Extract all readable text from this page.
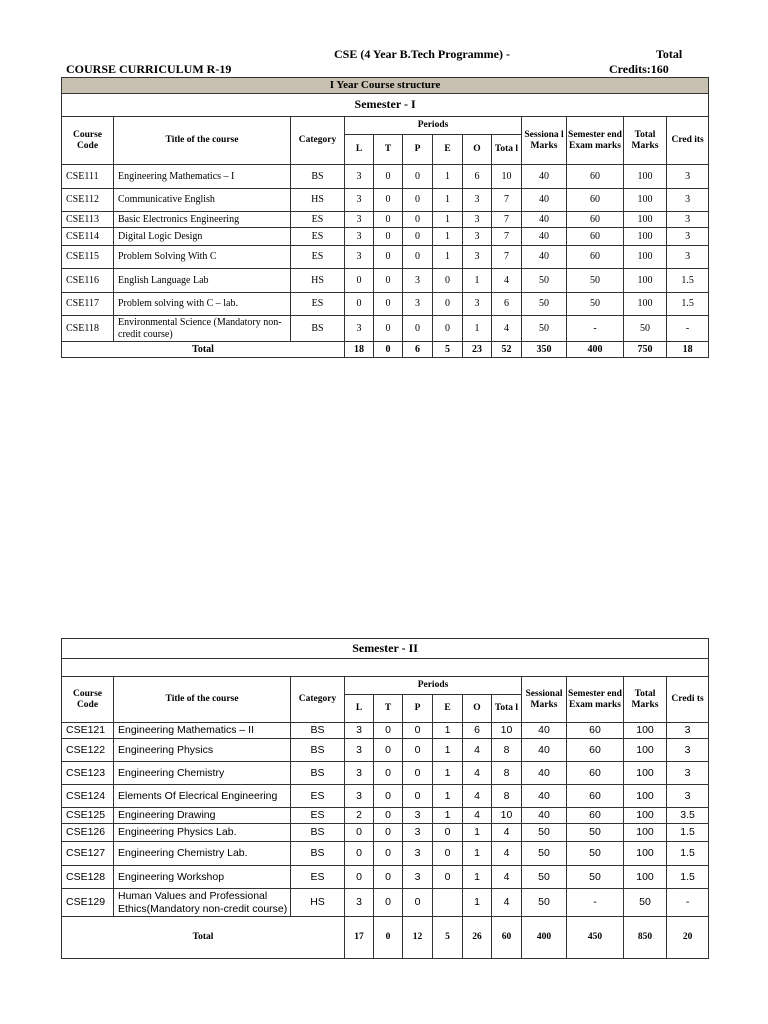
COURSE CURRICULUM R-19
CSE (4 Year B.Tech Programme) -	Total
Credits:160
I Year Course structure												
Semester - I												
Course Code	Title of the course	Category	Periods						Sessiona l Marks	Semester end Exam marks	Total Marks	Cred its
			L	T	P	E	O	Tota l				
CSE111	Engineering Mathematics – I	BS	3	0	0	1	6	10	40	60	100	3
CSE112	Communicative English	HS	3	0	0	1	3	7	40	60	100	3
CSE113	Basic Electronics Engineering	ES	3	0	0	1	3	7	40	60	100	3
CSE114	Digital Logic Design	ES	3	0	0	1	3	7	40	60	100	3
CSE115	Problem Solving With C	ES	3	0	0	1	3	7	40	60	100	3
CSE116	English Language Lab	HS	0	0	3	0	1	4	50	50	100	1.5
CSE117	Problem solving with C – lab.	ES	0	0	3	0	3	6	50	50	100	1.5
CSE118	Environmental Science (Mandatory non-credit course)	BS	3	0	0	0	1	4	50	-	50	-
Total			18	0	6	5	23	52	350	400	750	18
Semester - II												

Course Code	Title of the course	Category	Periods						Sessional Marks	Semester end Exam marks	Total Marks	Credi ts
			L	T	P	E	O	Tota l				
CSE121	Engineering Mathematics – II	BS	3	0	0	1	6	10	40	60	100	3
CSE122	Engineering Physics	BS	3	0	0	1	4	8	40	60	100	3
CSE123	Engineering Chemistry	BS	3	0	0	1	4	8	40	60	100	3
CSE124	Elements Of Elecrical Engineering	ES	3	0	0	1	4	8	40	60	100	3
CSE125	Engineering Drawing	ES	2	0	3	1	4	10	40	60	100	3.5
CSE126	Engineering Physics Lab.	BS	0	0	3	0	1	4	50	50	100	1.5
CSE127	Engineering Chemistry Lab.	BS	0	0	3	0	1	4	50	50	100	1.5
CSE128	Engineering Workshop	ES	0	0	3	0	1	4	50	50	100	1.5
CSE129	Human Values and Professional Ethics(Mandatory non-credit course)	HS	3	0	0		1	4	50	-	50	-
Total			17	0	12	5	26	60	400	450	850	20
